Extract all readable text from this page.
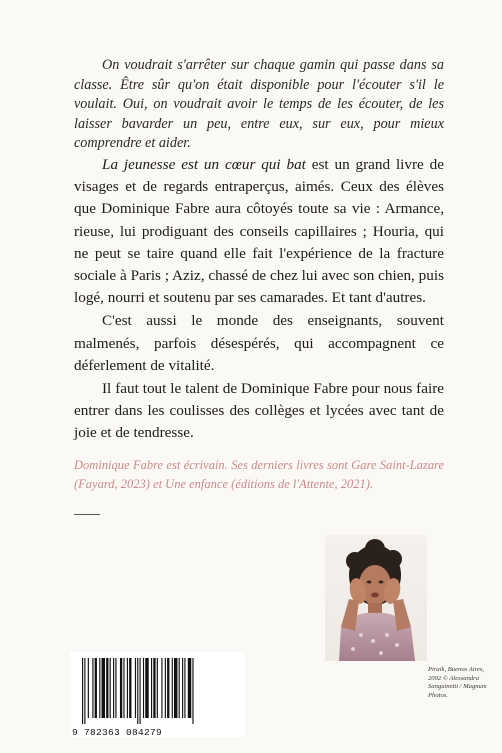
On voudrait s'arrêter sur chaque gamin qui passe dans sa classe. Être sûr qu'on était disponible pour l'écouter s'il le voulait. Oui, on voudrait avoir le temps de les écouter, de les laisser bavarder un peu, entre eux, sur eux, pour mieux comprendre et aider.

La jeunesse est un cœur qui bat est un grand livre de visages et de regards entraperçus, aimés. Ceux des élèves que Dominique Fabre aura côtoyés toute sa vie : Armance, rieuse, lui prodiguant des conseils capillaires ; Houria, qui ne peut se taire quand elle fait l'expérience de la fracture sociale à Paris ; Aziz, chassé de chez lui avec son chien, puis logé, nourri et soutenu par ses camarades. Et tant d'autres.

C'est aussi le monde des enseignants, souvent malmenés, parfois désespérés, qui accompagnent ce déferlement de vitalité.

Il faut tout le talent de Dominique Fabre pour nous faire entrer dans les coulisses des collèges et lycées avec tant de joie et de tendresse.

Dominique Fabre est écrivain. Ses derniers livres sont Gare Saint-Lazare (Fayard, 2023) et Une enfance (éditions de l'Attente, 2021).
Piraik, Buenos Aires, 2002 © Alessandra Sanguinetti / Magnum Photos.
9 782363 084279
